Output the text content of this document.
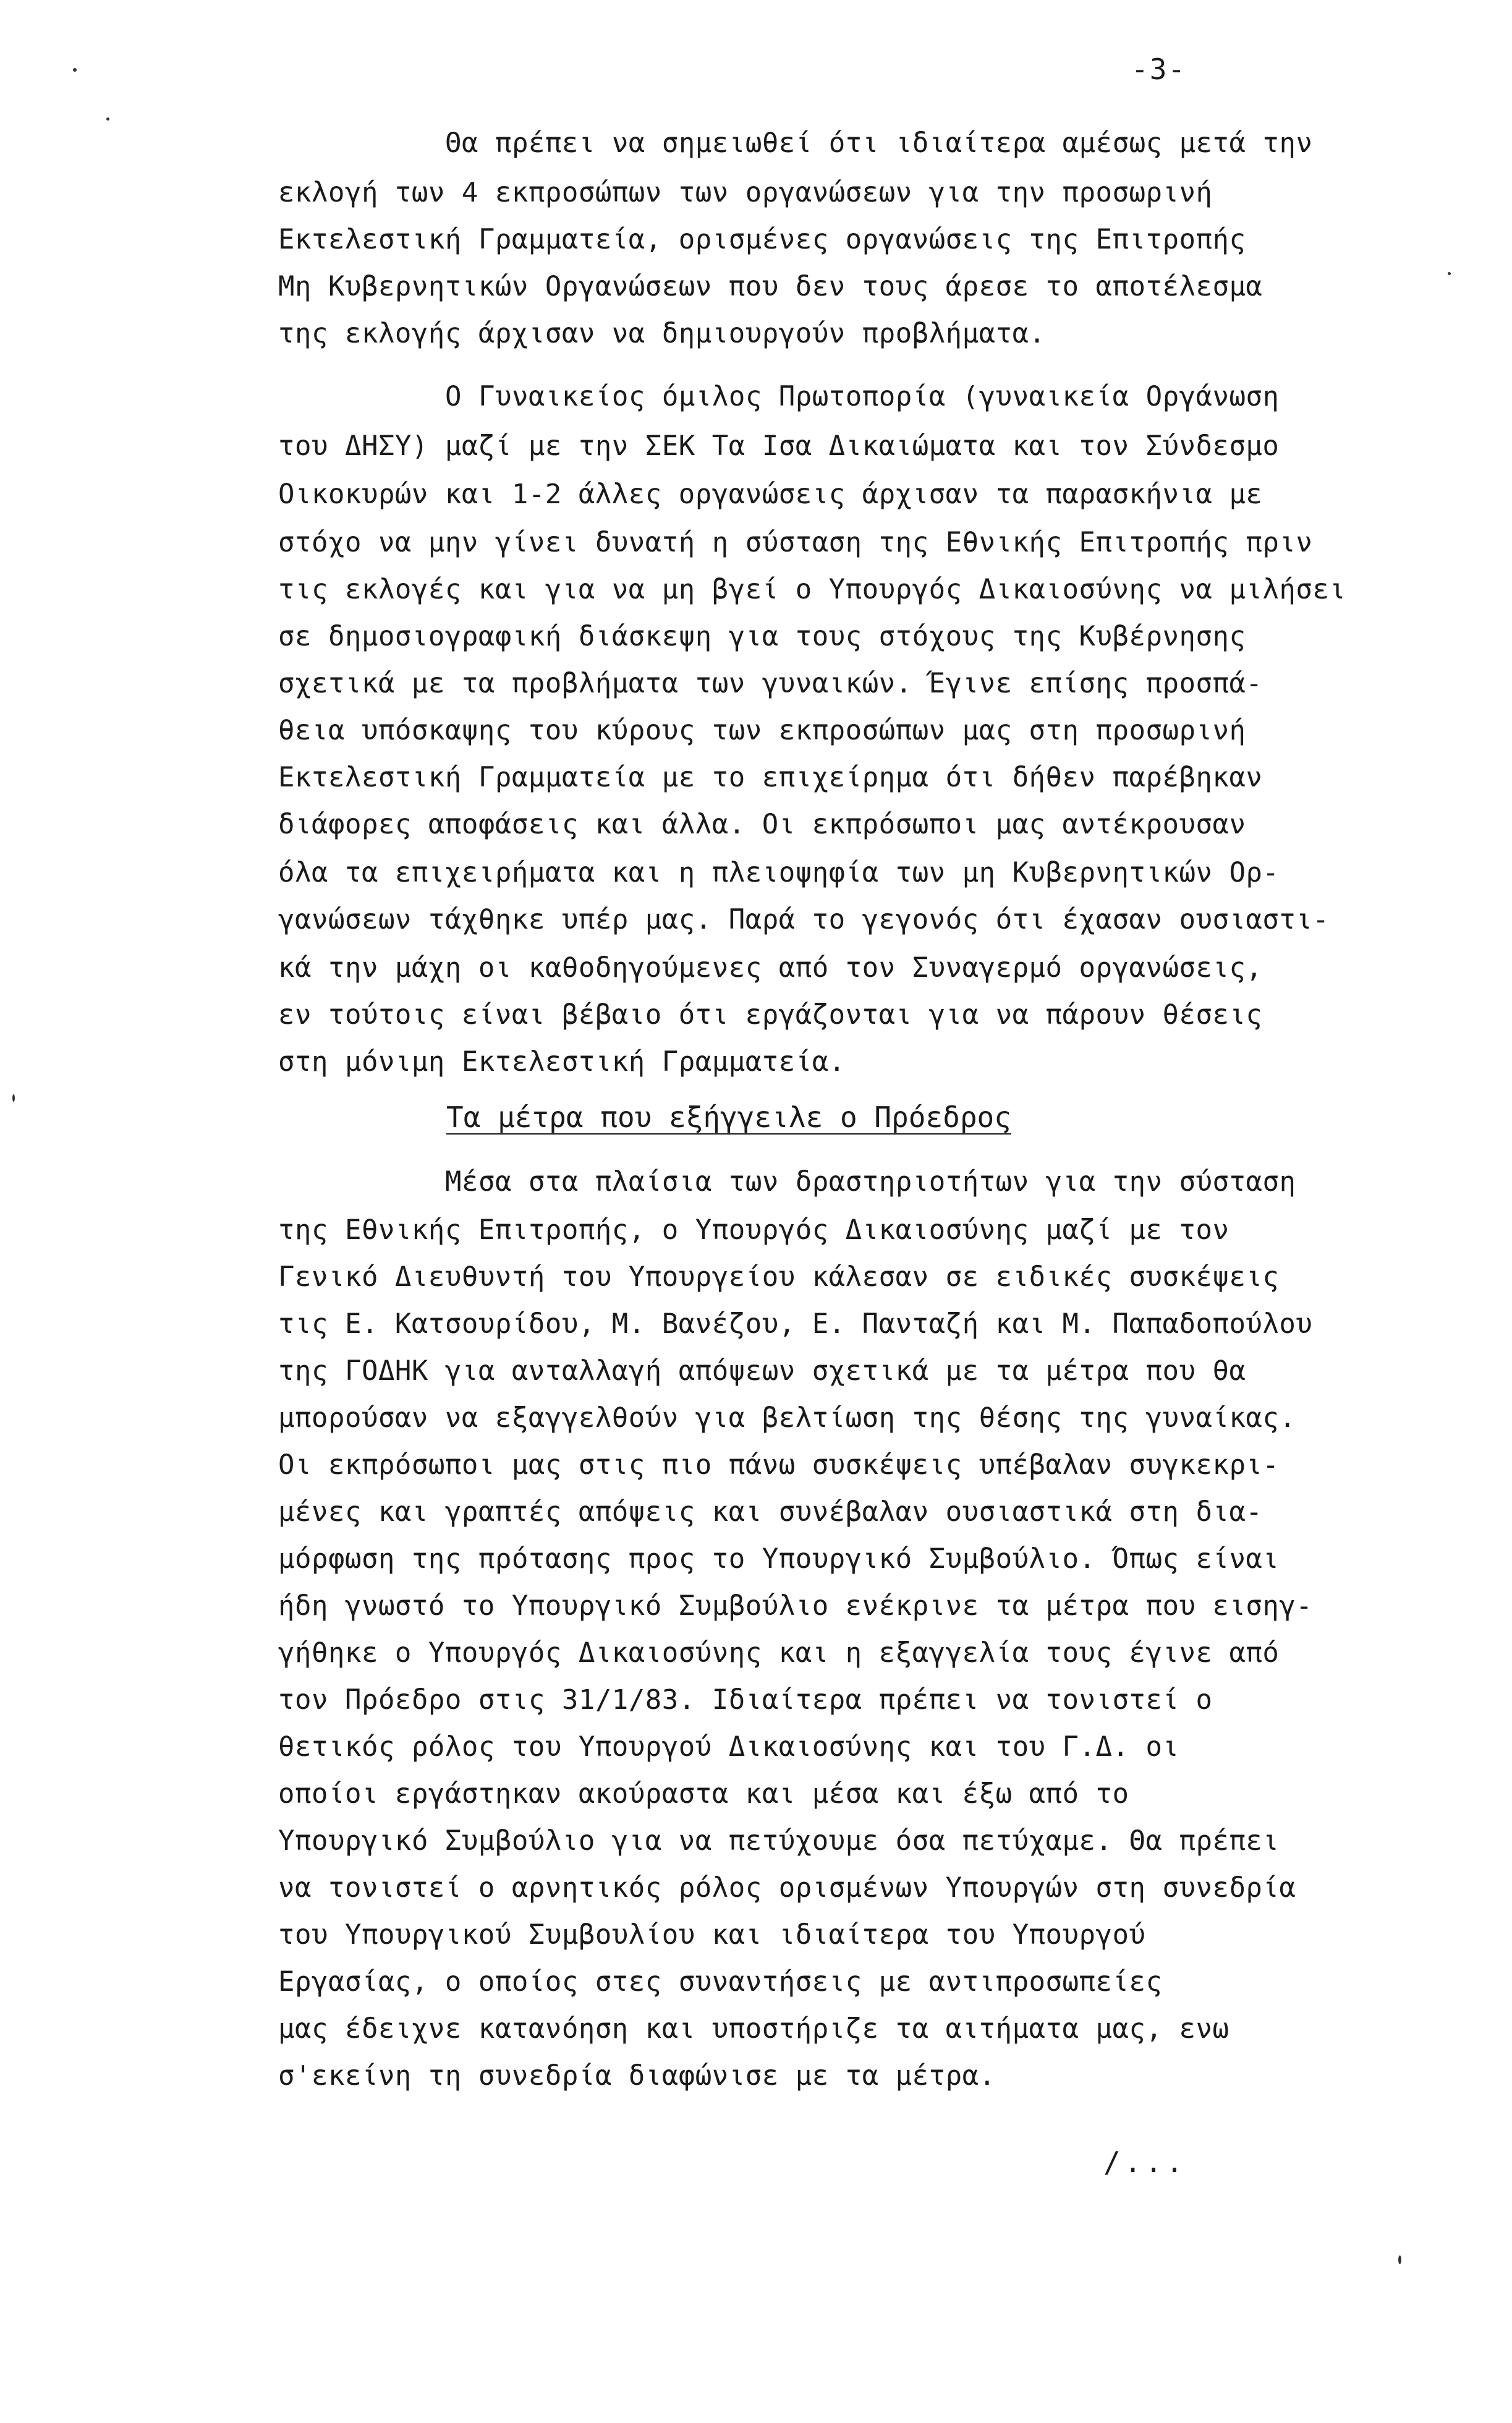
-3-
Θα πρέπει να σημειωθεί ότι ιδιαίτερα αμέσως μετά την
εκλογή των 4 εκπροσώπων των οργανώσεων για την προσωρινή
Εκτελεστική Γραμματεία, ορισμένες οργανώσεις της Επιτροπής
Μη Κυβερνητικών Οργανώσεων που δεν τους άρεσε το αποτέλεσμα
της εκλογής άρχισαν να δημιουργούν προβλήματα.
Ο Γυναικείος όμιλος Πρωτοπορία (γυναικεία Οργάνωση
του ΔΗΣΥ) μαζί με την ΣΕΚ Τα Ισα Δικαιώματα και τον Σύνδεσμο
Οικοκυρών και 1-2 άλλες οργανώσεις άρχισαν τα παρασκήνια με
στόχο να μην γίνει δυνατή η σύσταση της Εθνικής Επιτροπής πριν
τις εκλογές και για να μη βγεί ο Υπουργός Δικαιοσύνης να μιλήσει
σε δημοσιογραφική διάσκεψη για τους στόχους της Κυβέρνησης
σχετικά με τα προβλήματα των γυναικών. Έγινε επίσης προσπά-
θεια υπόσκαψης του κύρους των εκπροσώπων μας στη προσωρινή
Εκτελεστική Γραμματεία με το επιχείρημα ότι δήθεν παρέβηκαν
διάφορες αποφάσεις και άλλα. Οι εκπρόσωποι μας αντέκρουσαν
όλα τα επιχειρήματα και η πλειοψηφία των μη Κυβερνητικών Ορ-
γανώσεων τάχθηκε υπέρ μας. Παρά το γεγονός ότι έχασαν ουσιαστι-
κά την μάχη οι καθοδηγούμενες από τον Συναγερμό οργανώσεις,
εν τούτοις είναι βέβαιο ότι εργάζονται για να πάρουν θέσεις
στη μόνιμη Εκτελεστική Γραμματεία.
Τα μέτρα που εξήγγειλε ο Πρόεδρος
Μέσα στα πλαίσια των δραστηριοτήτων για την σύσταση
της Εθνικής Επιτροπής, ο Υπουργός Δικαιοσύνης μαζί με τον
Γενικό Διευθυντή του Υπουργείου κάλεσαν σε ειδικές συσκέψεις
τις Ε. Κατσουρίδου, Μ. Βανέζου, Ε. Πανταζή και Μ. Παπαδοπούλου
της ΓΟΔΗΚ για ανταλλαγή απόψεων σχετικά με τα μέτρα που θα
μπορούσαν να εξαγγελθούν για βελτίωση της θέσης της γυναίκας.
Οι εκπρόσωποι μας στις πιο πάνω συσκέψεις υπέβαλαν συγκεκρι-
μένες και γραπτές απόψεις και συνέβαλαν ουσιαστικά στη δια-
μόρφωση της πρότασης προς το Υπουργικό Συμβούλιο. Όπως είναι
ήδη γνωστό το Υπουργικό Συμβούλιο ενέκρινε τα μέτρα που εισηγ-
γήθηκε ο Υπουργός Δικαιοσύνης και η εξαγγελία τους έγινε από
τον Πρόεδρο στις 31/1/83. Ιδιαίτερα πρέπει να τονιστεί ο
θετικός ρόλος του Υπουργού Δικαιοσύνης και του Γ.Δ. οι
οποίοι εργάστηκαν ακούραστα και μέσα και έξω από το
Υπουργικό Συμβούλιο για να πετύχουμε όσα πετύχαμε. Θα πρέπει
να τονιστεί ο αρνητικός ρόλος ορισμένων Υπουργών στη συνεδρία
του Υπουργικού Συμβουλίου και ιδιαίτερα του Υπουργού
Εργασίας, ο οποίος στες συναντήσεις με αντιπροσωπείες
μας έδειχνε κατανόηση και υποστήριζε τα αιτήματα μας, ενω
σ'εκείνη τη συνεδρία διαφώνισε με τα μέτρα.
/...
